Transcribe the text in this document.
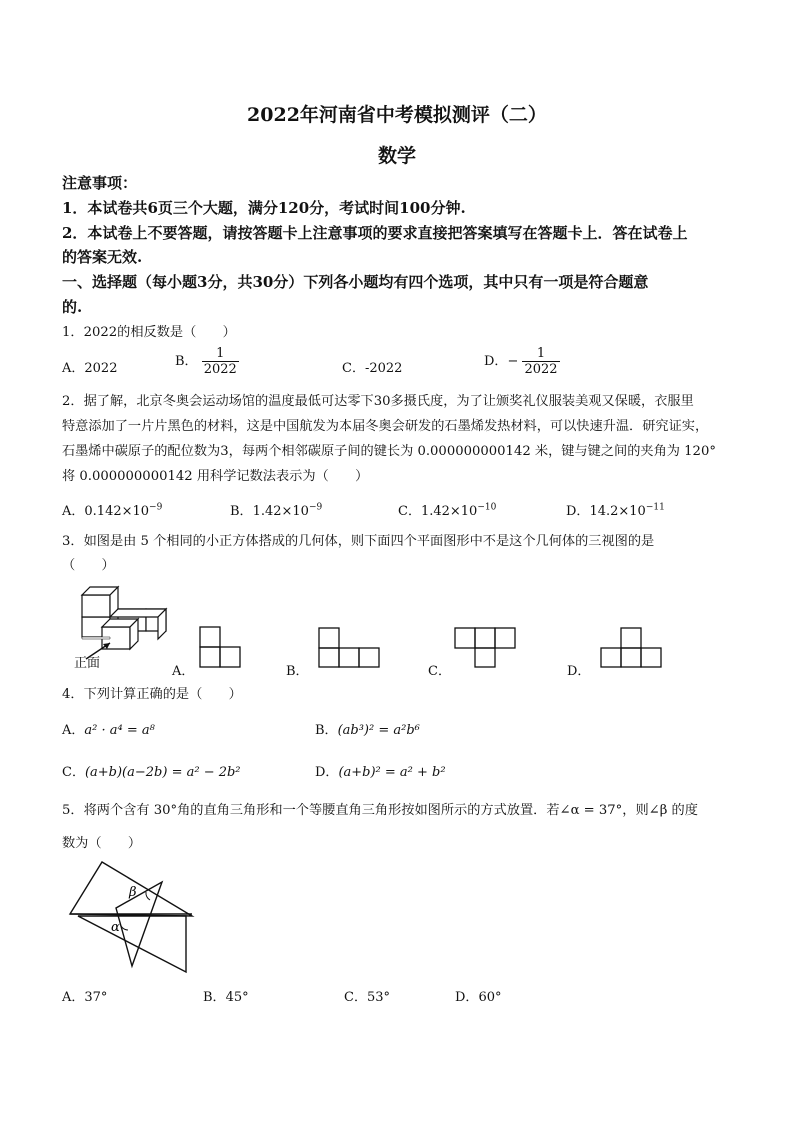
2022年河南省中考模拟测评（二）
数学
注意事项：
1．本试卷共6页三个大题，满分120分，考试时间100分钟.
2．本试卷上不要答题，请按答题卡上注意事项的要求直接把答案填写在答题卡上．答在试卷上
的答案无效.
一、选择题（每小题3分，共30分）下列各小题均有四个选项，其中只有一项是符合题意
的.
1．2022的相反数是（　　）
A．2022	B． $\frac{1}{2022}$	C．-2022	D．− $\frac{1}{2022}$
2．据了解，北京冬奥会运动场馆的温度最低可达零下30多摄氏度，为了让颁奖礼仪服装美观又保暖，衣服里
特意添加了一片片黑色的材料，这是中国航发为本届冬奥会研发的石墨烯发热材料，可以快速升温．研究证实，
石墨烯中碳原子的配位数为3，每两个相邻碳原子间的键长为 0.000000000142 米，键与键之间的夹角为 120°
将 0.000000000142 用科学记数法表示为（　　）
A．$0.142\times 10^{-9}$	B．$1.42\times 10^{-9}$	C．$1.42\times 10^{-10}$	D．$14.2\times 10^{-11}$
3．如图是由 5 个相同的小正方体搭成的几何体，则下面四个平面图形中不是这个几何体的三视图的是
（　　）
正面
A．	B．	C．	D．
4．下列计算正确的是（　　）
A．a² · a⁴ = a⁸	B．(ab³)² = a²b⁶
C．(a+b)(a−2b) = a² − 2b²	D．(a+b)² = a² + b²
5．将两个含有 30°角的直角三角形和一个等腰直角三角形按如图所示的方式放置．若∠α = 37°，则∠β 的度
数为（　　）
β
α
A．37°	B．45°	C．53°	D．60°
